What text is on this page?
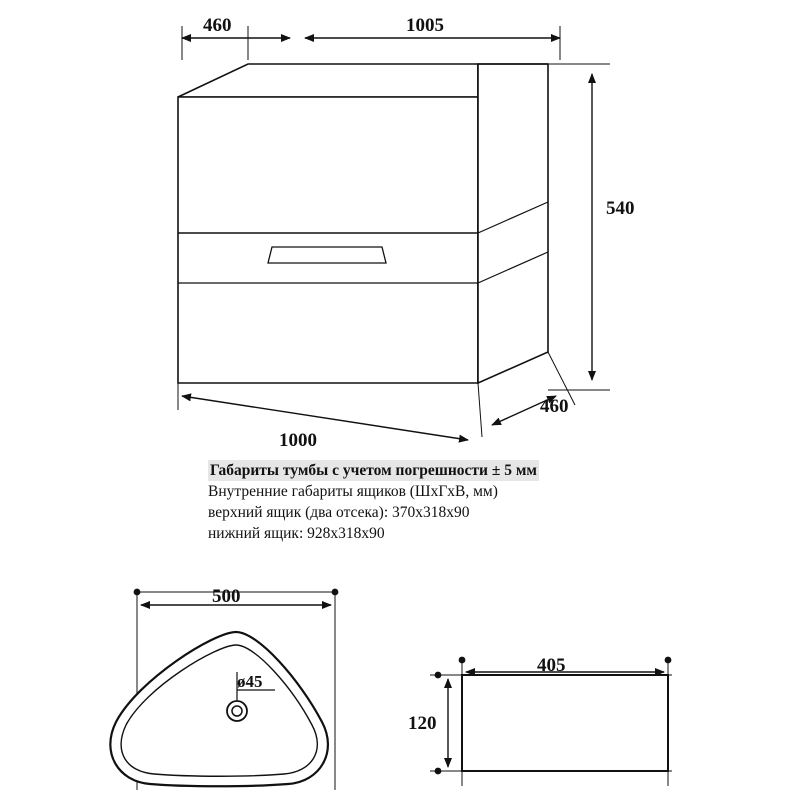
460	1005
540
460
1000
500
ø45
405
120
Габариты тумбы с учетом погрешности ± 5 мм
Внутренние габариты ящиков (ШхГхВ, мм)
верхний ящик (два отсека): 370х318х90
нижний ящик: 928х318х90
